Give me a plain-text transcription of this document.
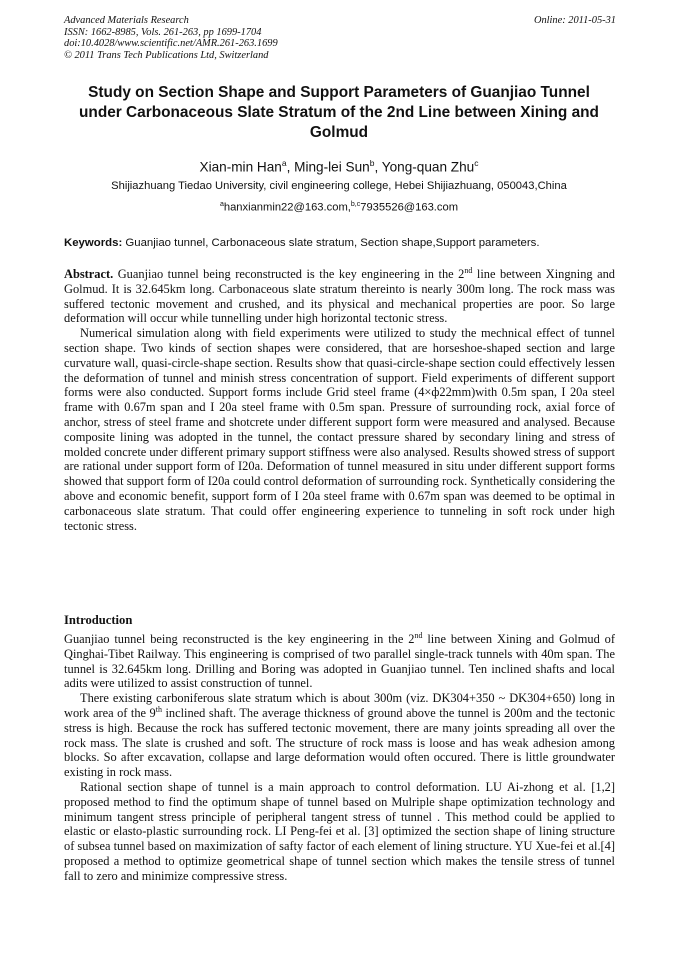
Advanced Materials Research
ISSN: 1662-8985, Vols. 261-263, pp 1699-1704
doi:10.4028/www.scientific.net/AMR.261-263.1699
© 2011 Trans Tech Publications Ltd, Switzerland
Online: 2011-05-31
Study on Section Shape and Support Parameters of Guanjiao Tunnel
under Carbonaceous Slate Stratum of the 2nd Line between Xining and
Golmud
Xian-min Han$^a$, Ming-lei Sun$^b$, Yong-quan Zhu$^c$
Shijiazhuang Tiedao University, civil engineering college, Hebei Shijiazhuang, 050043,China
$^a$hanxianmin22@163.com,$^{b,c}$7935526@163.com
Keywords: Guanjiao tunnel, Carbonaceous slate stratum, Section shape,Support parameters.

Abstract. Guanjiao tunnel being reconstructed is the key engineering in the 2nd line between Xingning and Golmud. It is 32.645km long. Carbonaceous slate stratum thereinto is nearly 300m long. The rock mass was suffered tectonic movement and crushed, and its physical and mechanical properties are poor. So large deformation will occur while tunnelling under high horizontal tectonic stress.

Numerical simulation along with field experiments were utilized to study the mechnical effect of tunnel section shape. Two kinds of section shapes were considered, that are horseshoe-shaped section and large curvature wall, quasi-circle-shape section. Results show that quasi-circle-shape section could effectively lessen the deformation of tunnel and minish stress concentration of support. Field experiments of different support forms were also conducted. Support forms include Grid steel frame (4×ф22mm)with 0.5m span, I 20a steel frame with 0.67m span and I 20a steel frame with 0.5m span. Pressure of surrounding rock, axial force of anchor, stress of steel frame and shotcrete under different support form were measured and analysed. Because composite lining was adopted in the tunnel, the contact pressure shared by secondary lining and stress of molded concrete under different primary support stiffness were also analysed. Results showed stress of support are rational under support form of I20a. Deformation of tunnel measured in situ under different support forms showed that support form of I20a could control deformation of surrounding rock. Synthetically considering the above and economic benefit, support form of I 20a steel frame with 0.67m span was deemed to be optimal in carbonaceous slate stratum. That could offer engineering experience to tunneling in soft rock under high tectonic stress.

Introduction

Guanjiao tunnel being reconstructed is the key engineering in the 2nd line between Xining and Golmud of Qinghai-Tibet Railway. This engineering is comprised of two parallel single-track tunnels with 40m span. The tunnel is 32.645km long. Drilling and Boring was adopted in Guanjiao tunnel. Ten inclined shafts and local adits were utilized to assist construction of tunnel.

There existing carboniferous slate stratum which is about 300m (viz. DK304+350 ~ DK304+650) long in work area of the 9th inclined shaft. The average thickness of ground above the tunnel is 200m and the tectonic stress is high. Because the rock has suffered tectonic movement, there are many joints spreading all over the rock mass. The slate is crushed and soft. The structure of rock mass is loose and has weak adhesion among blocks. So after excavation, collapse and large deformation would often occured. There is little groundwater existing in rock mass.

Rational section shape of tunnel is a main approach to control deformation. LU Ai-zhong et al. [1,2] proposed method to find the optimum shape of tunnel based on Mulriple shape optimization technology and minimum tangent stress principle of peripheral tangent stress of tunnel . This method could be applied to elastic or elasto-plastic surrounding rock. LI Peng-fei et al. [3] optimized the section shape of lining structure of subsea tunnel based on maximization of safty factor of each element of lining structure. YU Xue-fei et al.[4] proposed a method to optimize geometrical shape of tunnel section which makes the tensile stress of tunnel fall to zero and minimize compressive stress.
